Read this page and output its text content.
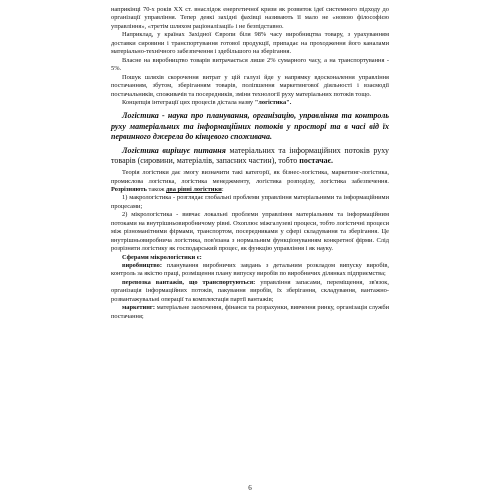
наприкінці 70-х років XX ст. внаслідок енергетичної кризи як розвиток ідеї системного підходу до організації управління. Тепер деякі західні фахівці називають її мало не «новою філософією управління», «третім шляхом раціоналізації» і не безпідставно.

Наприклад, у країнах Західної Європи біля 98% часу виробництва товару, з урахуванням доставки сировини і транспортування готової продукції, припадає на проходження його каналами матеріально-технічного забезпечення і здебільшого на зберігання.

Власне на виробництво товарів витрачається лише 2% сумарного часу, а на транспортування - 5%.

Пошук шляхів скорочення витрат у цій галузі йде у напрямку вдосконалення управління постачанням, збутом, зберіганням товарів, поліпшення маркетингової діяльності і взаємодії постачальників, споживачів та посередників, зміни технології руху матеріальних потоків тощо.

Концепція інтеграції цих процесів дістала назву "логістика".

Логістика - наука про планування, організацію, управління та контроль руху матеріальних та інформаційних потоків у просторі та в часі від їх первинного джерела до кінцевого споживача.

Логістика вирішує питання матеріальних та інформаційних потоків руху товарів (сировини, матеріалів, запасних частин), тобто постачає.

Теорія логістики дає змогу визначити такі категорії, як бізнес-логістика, маркетинг-логістика, промислова логістика, логістика менеджменту, логістика розподілу, логістика забезпечення. Розрізняють також два рівні логістики:

1) макрологістика - розглядає глобальні проблеми управління матеріальними та інформаційними процесами;

2) мікрологістика - вивчає локальні проблеми управління матеріальним та інформаційним потоками на внутрішньовиробничому рівні. Охоплює міжгалузеві процеси, тобто логістичні процеси між різноманітними фірмами, транспортом, посередниками у сфері складування та зберігання. Це внутрішньовиробнича логістика, пов'язана з нормальним функціонуванням конкретної фірми. Слід розрізняти логістику як господарський процес, як функцію управління і як науку.

Сферами мікрологістики є:

виробництво: планування виробничих завдань з детальним розкладом випуску виробів, контроль за якістю праці, розміщення плану випуску виробів по виробничих ділянках підприємства;

перевозка вантажів, що транспортуються: управління запасами, переміщення, зв'язок, організація інформаційних потоків, пакування виробів, їх зберігання, складування, вантажно-розвантажувальні операції та комплектація партії вантажів;

маркетинг: матеріальне заохочення, фінанси та розрахунки, вивчення ринку, організація служби постачання;

6
